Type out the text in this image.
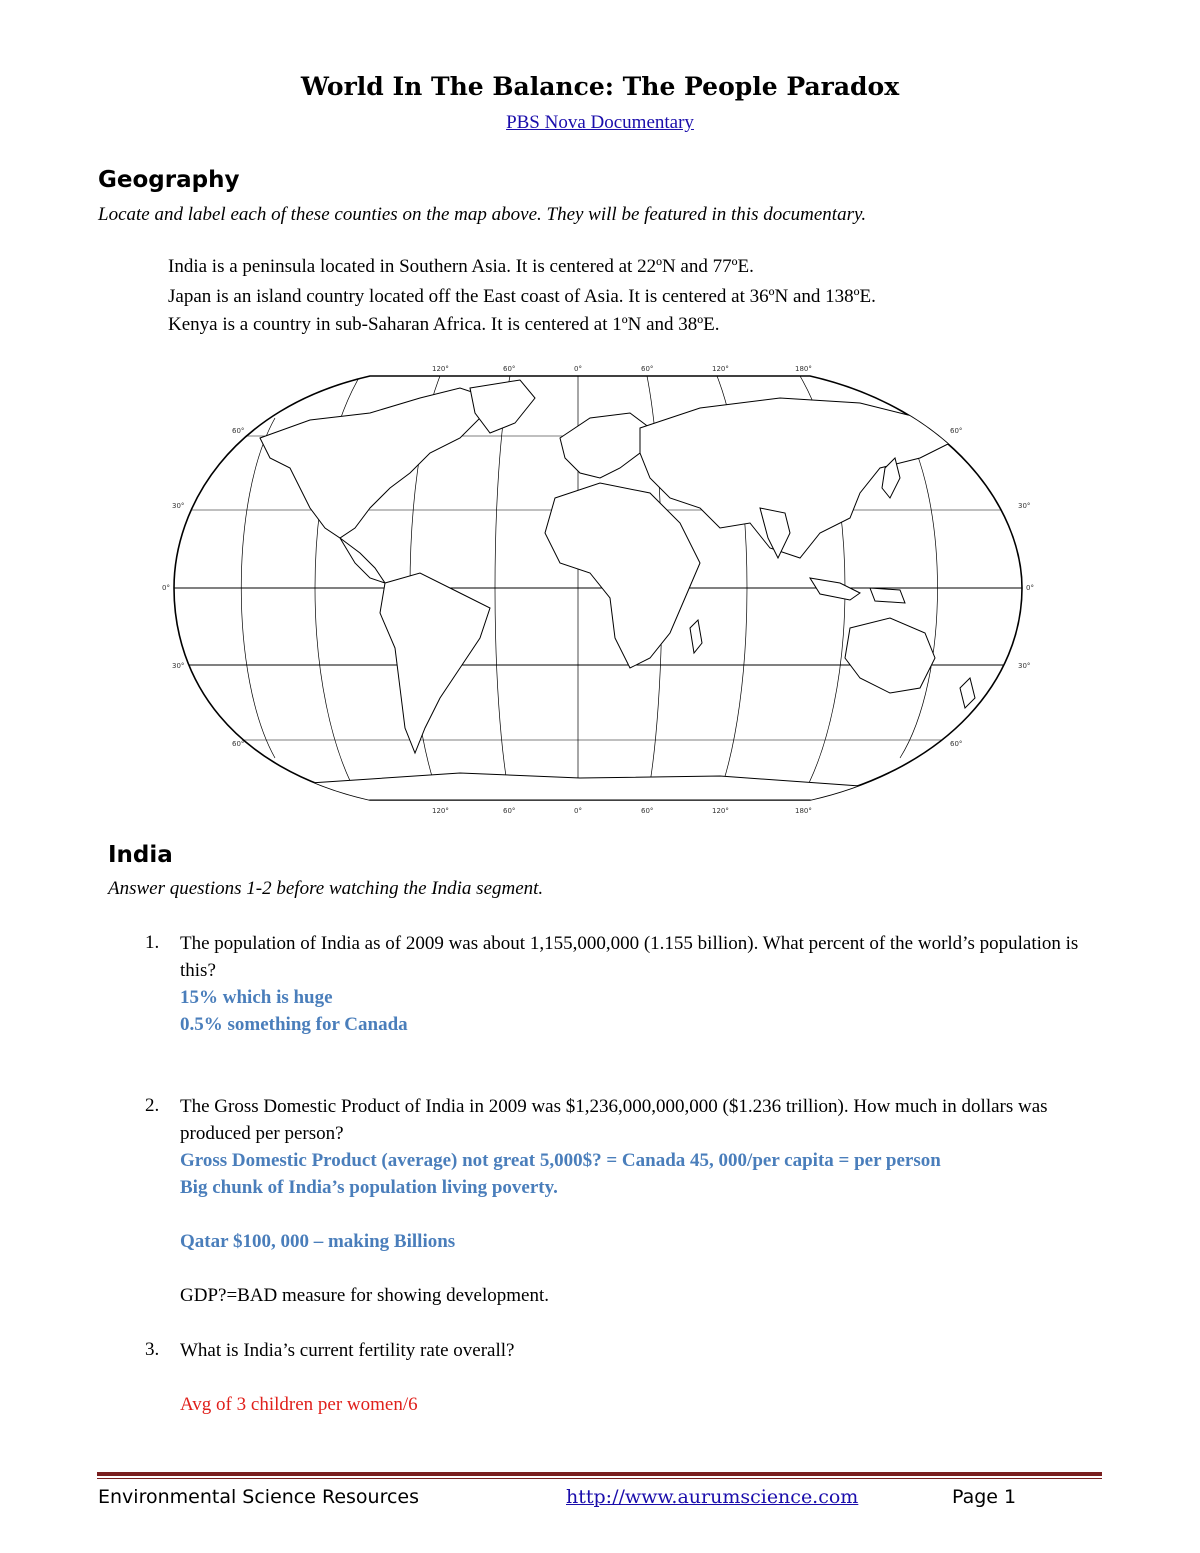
World In The Balance: The People Paradox
PBS Nova Documentary
Geography
Locate and label each of these counties on the map above. They will be featured in this documentary.
India is a peninsula located in Southern Asia. It is centered at 22ºN and 77ºE.
Japan is an island country located off the East coast of Asia. It is centered at 36ºN and 138ºE.
Kenya is a country in sub-Saharan Africa. It is centered at 1ºN and 38ºE.
120°	60°	0°	60°	120°	180°
120°	60°	0°	60°	120°	180°
60°
30°
0°
30°
60°
60°
30°
0°
30°
60°
India
Answer questions 1-2 before watching the India segment.
1. The population of India as of 2009 was about 1,155,000,000 (1.155 billion). What percent of the world’s population is this?
15% which is huge
0.5% something for Canada
2. The Gross Domestic Product of India in 2009 was $1,236,000,000,000 ($1.236 trillion). How much in dollars was produced per person?
Gross Domestic Product (average) not great 5,000$? = Canada 45, 000/per capita = per person
Big chunk of India’s population living poverty.
Qatar $100, 000 – making Billions
GDP?=BAD measure for showing development.
3. What is India’s current fertility rate overall?
Avg of 3 children per women/6
Environmental Science Resources	http://www.aurumscience.com	Page 1
